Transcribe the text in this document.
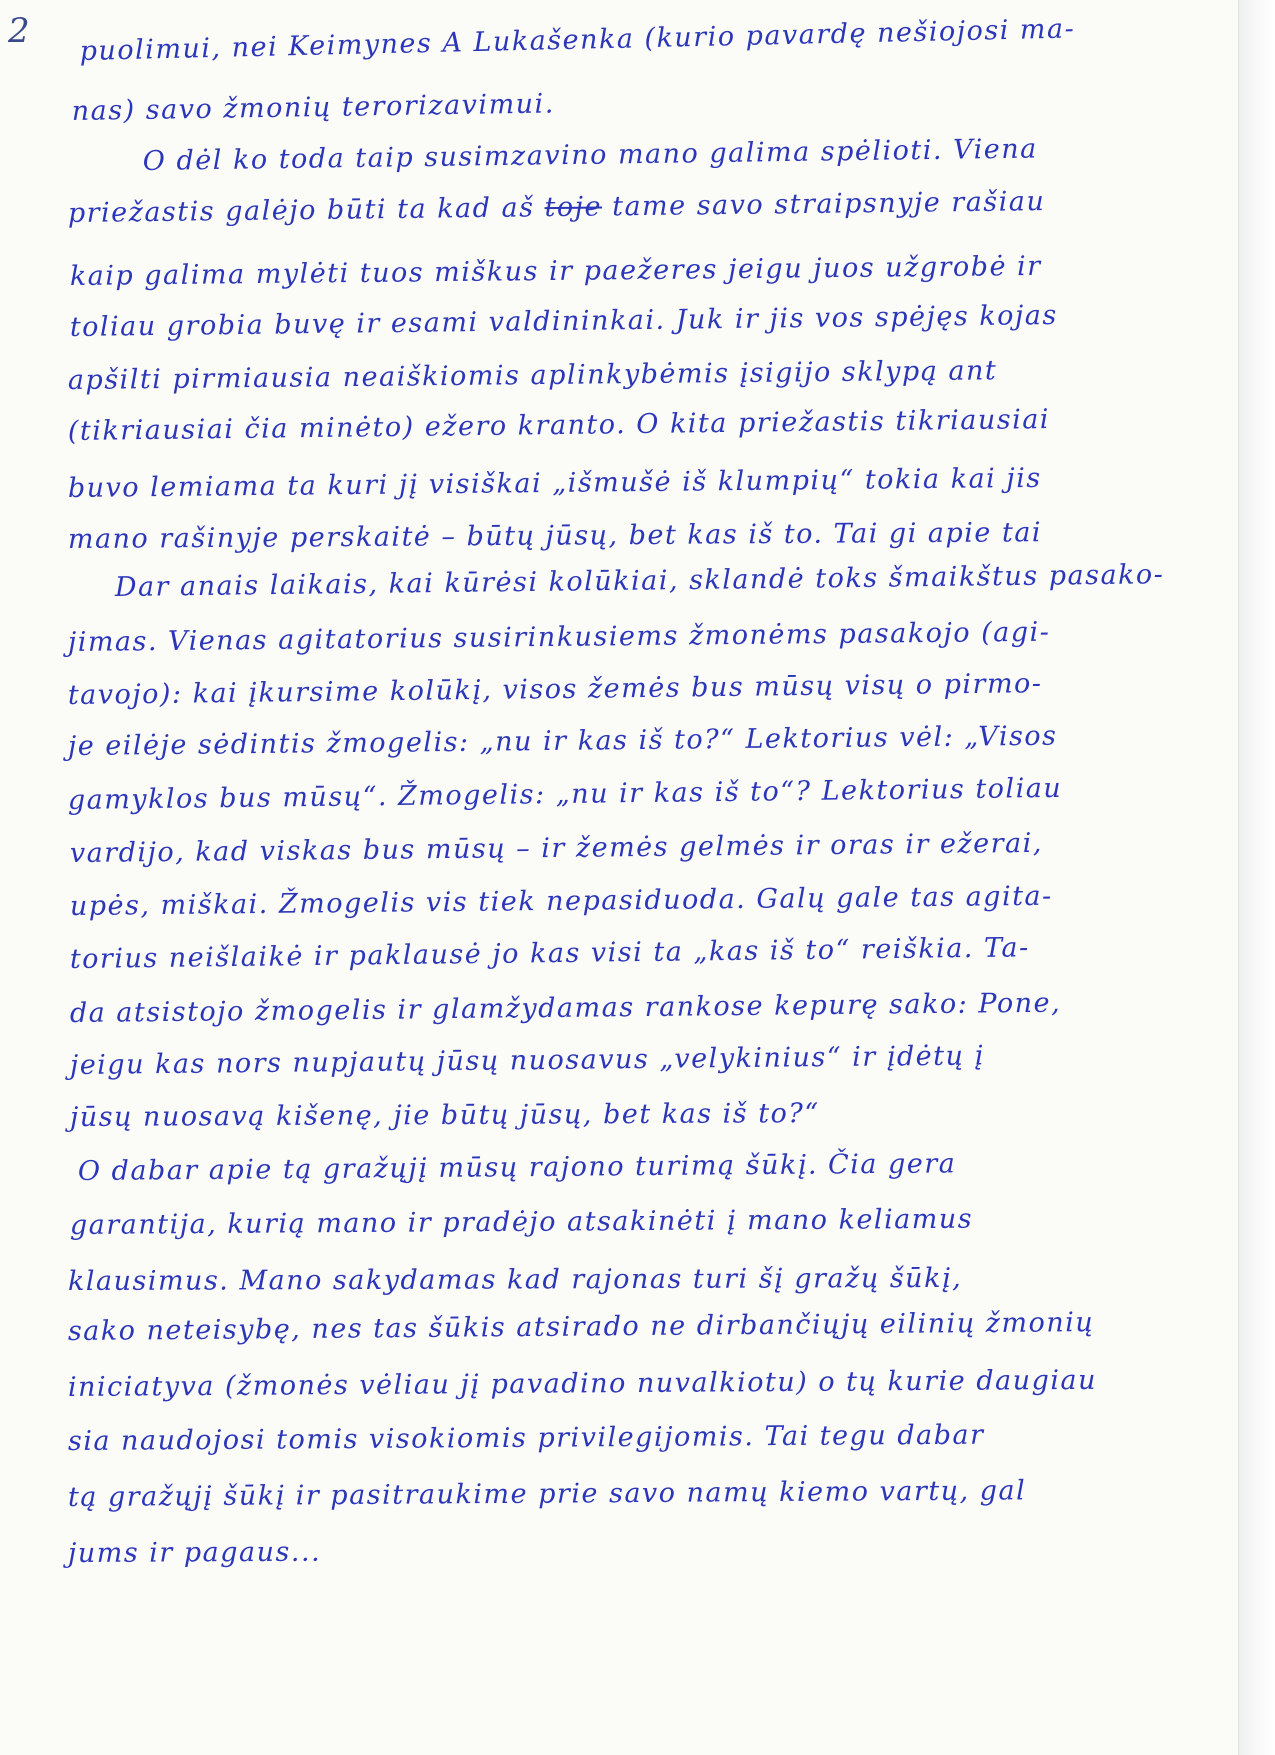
2 puolimui, nei Keimynes A Lukašenka (kurio pavardę nešiojosi ma-
nas) savo žmonių terorizavimui.
O dėl ko toda taip susimzavino mano galima spėlioti. Viena
priežastis galėjo būti ta kad aš toje tame savo straipsnyje rašiau
kaip galima mylėti tuos miškus ir paežeres jeigu juos užgrobė ir
toliau grobia buvę ir esami valdininkai. Juk ir jis vos spėjęs kojas
apšilti pirmiausia neaiškiomis aplinkybėmis įsigijo sklypą ant
(tikriausiai čia minėto) ežero kranto. O kita priežastis tikriausiai
buvo lemiama ta kuri jį visiškai „išmušė iš klumpių“ tokia kai jis
mano rašinyje perskaitė – būtų jūsų, bet kas iš to. Tai gi apie tai
Dar anais laikais, kai kūrėsi kolūkiai, sklandė toks šmaikštus pasako-
jimas. Vienas agitatorius susirinkusiems žmonėms pasakojo (agi-
tavojo): kai įkursime kolūkį, visos žemės bus mūsų visų o pirmo-
je eilėje sėdintis žmogelis: „nu ir kas iš to?“ Lektorius vėl: „Visos
gamyklos bus mūsų“. Žmogelis: „nu ir kas iš to“? Lektorius toliau
vardijo, kad viskas bus mūsų – ir žemės gelmės ir oras ir ežerai,
upės, miškai. Žmogelis vis tiek nepasiduoda. Galų gale tas agita-
torius neišlaikė ir paklausė jo kas visi ta „kas iš to“ reiškia. Ta-
da atsistojo žmogelis ir glamžydamas rankose kepurę sako: Pone,
jeigu kas nors nupjautų jūsų nuosavus „velykinius“ ir įdėtų į
jūsų nuosavą kišenę, jie būtų jūsų, bet kas iš to?“
O dabar apie tą gražųjį mūsų rajono turimą šūkį. Čia gera
garantija, kurią mano ir pradėjo atsakinėti į mano keliamus
klausimus. Mano sakydamas kad rajonas turi šį gražų šūkį,
sako neteisybę, nes tas šūkis atsirado ne dirbančiųjų eilinių žmonių
iniciatyva (žmonės vėliau jį pavadino nuvalkiotu) o tų kurie daugiau
sia naudojosi tomis visokiomis privilegijomis. Tai tegu dabar
tą gražųjį šūkį ir pasitraukime prie savo namų kiemo vartų, gal
jums ir pagaus...
